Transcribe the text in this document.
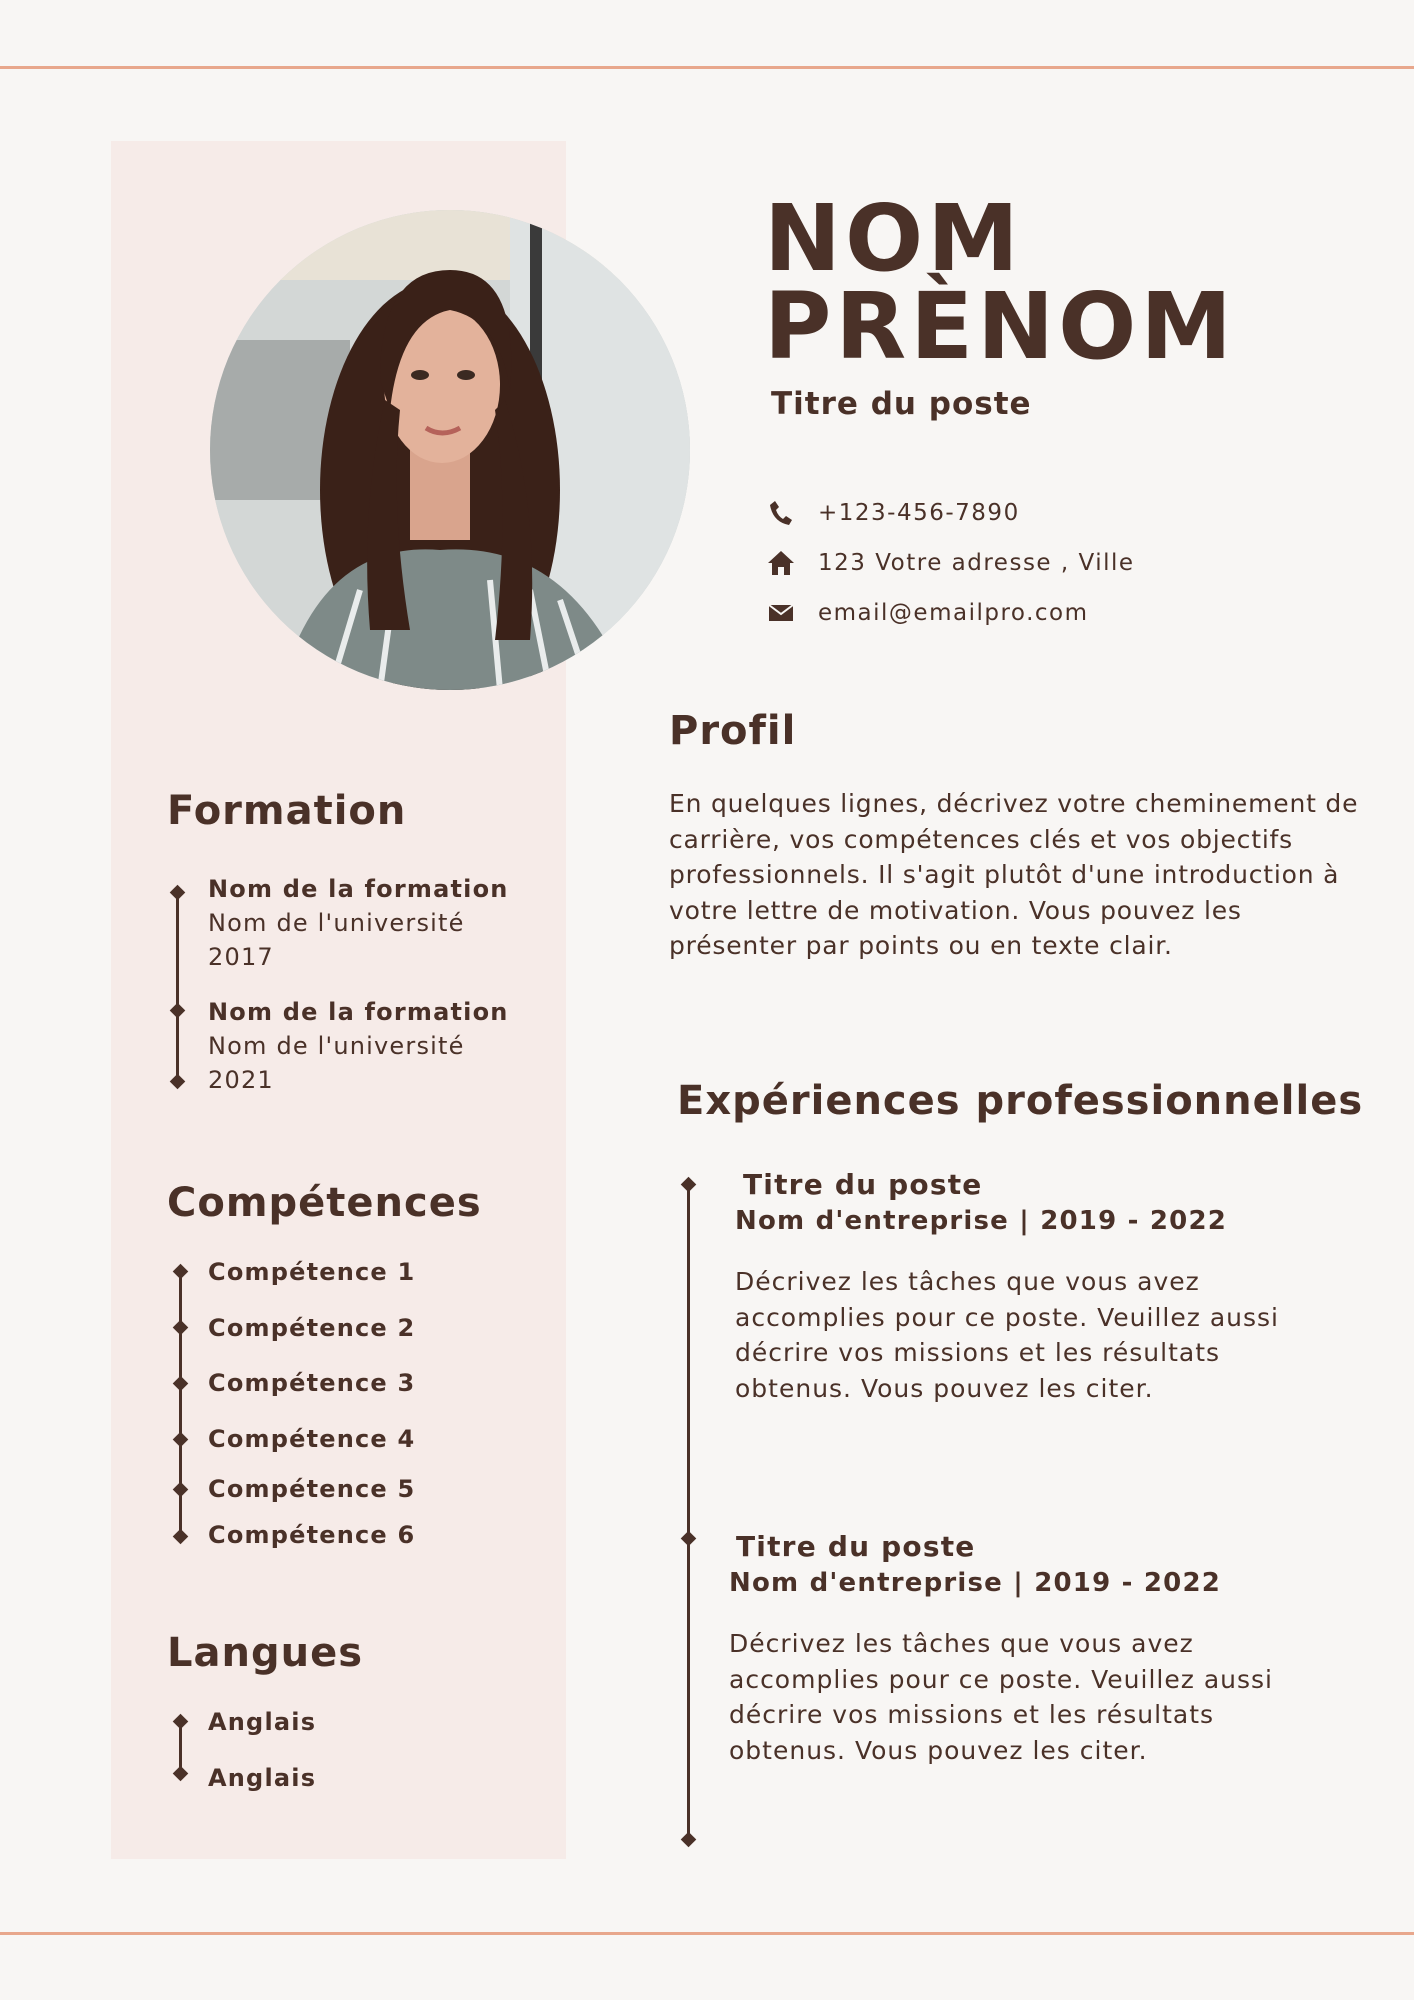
NOM
PRÈNOM
Titre du poste
+123-456-7890
123 Votre adresse , Ville
email@emailpro.com
Profil

En quelques lignes, décrivez votre cheminement de carrière, vos compétences clés et vos objectifs professionnels. Il s'agit plutôt d'une introduction à votre lettre de motivation. Vous pouvez les présenter par points ou en texte clair.

Formation
Nom de la formation
Nom de l'université
2017
Nom de la formation
Nom de l'université
2021
Compétences
Compétence 1
Compétence 2
Compétence 3
Compétence 4
Compétence 5
Compétence 6
Langues
Anglais
Anglais
Expériences professionnelles
Titre du poste
Nom d'entreprise | 2019 - 2022
Décrivez les tâches que vous avez accomplies pour ce poste. Veuillez aussi décrire vos missions et les résultats obtenus. Vous pouvez les citer.
Titre du poste
Nom d'entreprise | 2019 - 2022
Décrivez les tâches que vous avez accomplies pour ce poste. Veuillez aussi décrire vos missions et les résultats obtenus. Vous pouvez les citer.
